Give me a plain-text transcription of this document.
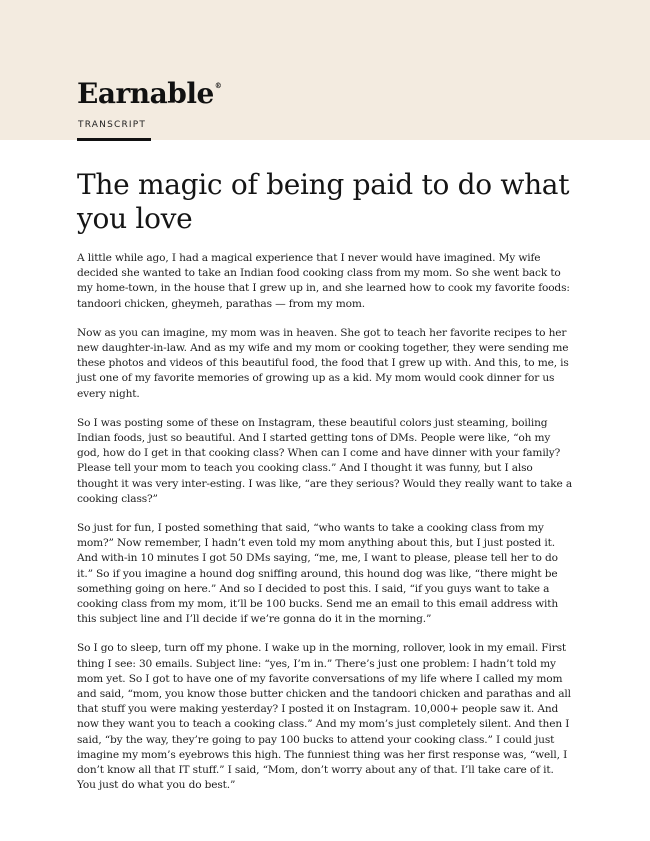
Earnable®
TRANSCRIPT
The magic of being paid to do what you love

A little while ago, I had a magical experience that I never would have imagined. My wife decided she wanted to take an Indian food cooking class from my mom. So she went back to my home-town, in the house that I grew up in, and she learned how to cook my favorite foods: tandoori chicken, gheymeh, parathas — from my mom.

Now as you can imagine, my mom was in heaven. She got to teach her favorite recipes to her new daughter-in-law. And as my wife and my mom or cooking together, they were sending me these photos and videos of this beautiful food, the food that I grew up with. And this, to me, is just one of my favorite memories of growing up as a kid. My mom would cook dinner for us every night.

So I was posting some of these on Instagram, these beautiful colors just steaming, boiling Indian foods, just so beautiful. And I started getting tons of DMs. People were like, “oh my god, how do I get in that cooking class? When can I come and have dinner with your family? Please tell your mom to teach you cooking class.” And I thought it was funny, but I also thought it was very inter-esting. I was like, “are they serious? Would they really want to take a cooking class?”

So just for fun, I posted something that said, “who wants to take a cooking class from my mom?” Now remember, I hadn’t even told my mom anything about this, but I just posted it. And with-in 10 minutes I got 50 DMs saying, “me, me, I want to please, please tell her to do it.” So if you imagine a hound dog sniffing around, this hound dog was like, “there might be something going on here.” And so I decided to post this. I said, “if you guys want to take a cooking class from my mom, it’ll be 100 bucks. Send me an email to this email address with this subject line and I’ll decide if we’re gonna do it in the morning.”

So I go to sleep, turn off my phone. I wake up in the morning, rollover, look in my email. First thing I see: 30 emails. Subject line: “yes, I’m in.” There’s just one problem: I hadn’t told my mom yet. So I got to have one of my favorite conversations of my life where I called my mom and said, “mom, you know those butter chicken and the tandoori chicken and parathas and all that stuff you were making yesterday? I posted it on Instagram. 10,000+ people saw it. And now they want you to teach a cooking class.” And my mom’s just completely silent. And then I said, “by the way, they’re going to pay 100 bucks to attend your cooking class.” I could just imagine my mom’s eyebrows this high. The funniest thing was her first response was, “well, I don’t know all that IT stuff.” I said, “Mom, don’t worry about any of that. I’ll take care of it. You just do what you do best.”
